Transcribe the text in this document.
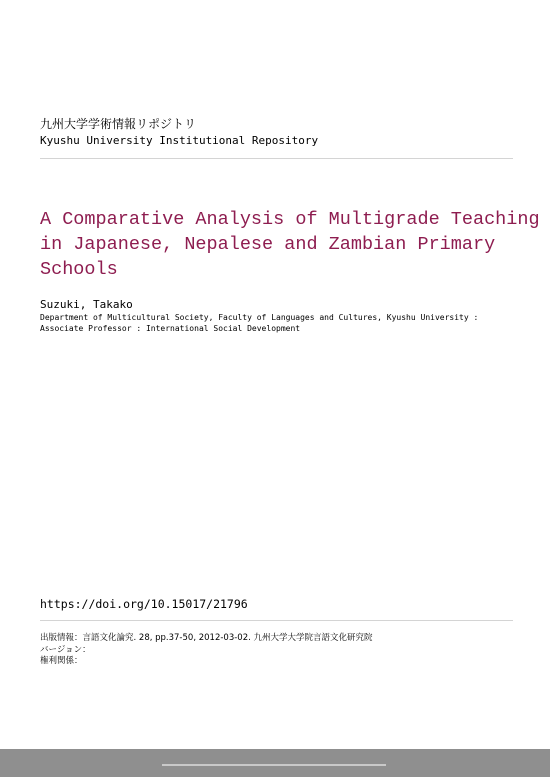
九州大学学術情報リポジトリ
Kyushu University Institutional Repository
A Comparative Analysis of Multigrade Teaching
in Japanese, Nepalese and Zambian Primary
Schools
Suzuki, Takako
Department of Multicultural Society, Faculty of Languages and Cultures, Kyushu University :
Associate Professor : International Social Development
https://doi.org/10.15017/21796
出版情報：言語文化論究. 28, pp.37-50, 2012-03-02. 九州大学大学院言語文化研究院
バージョン：
権利関係：
